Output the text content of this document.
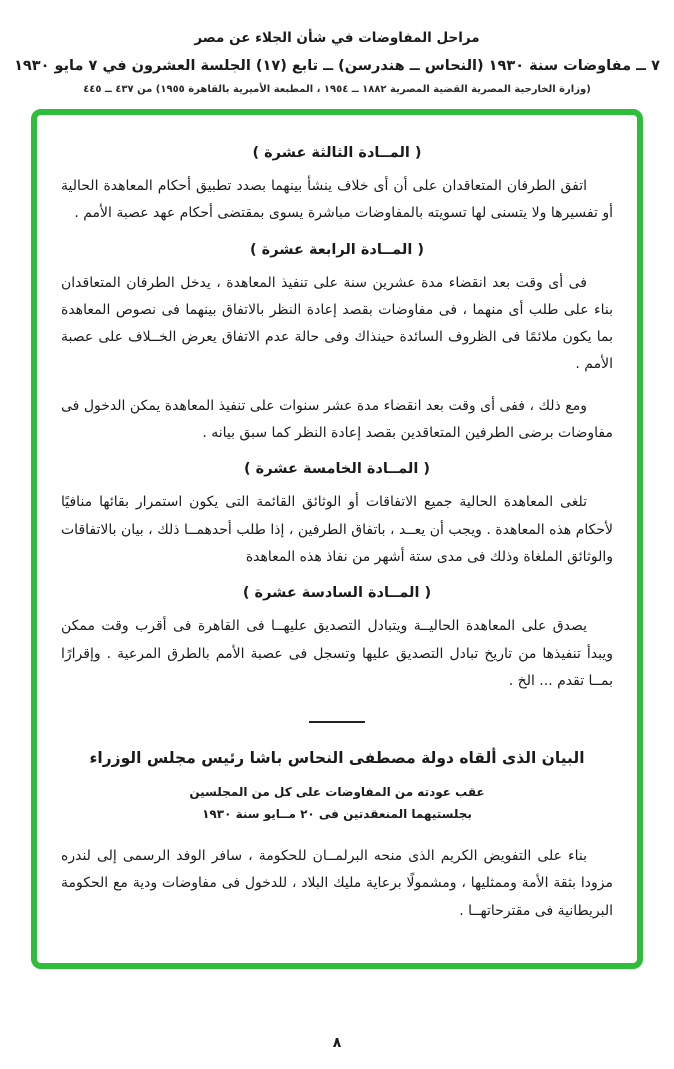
مراحل المفاوضات في شأن الجلاء عن مصر
٧ ــ مفاوضات سنة ١٩٣٠ (النحاس ــ هندرسن) ــ تابع (١٧) الجلسة العشرون في ٧ مايو ١٩٣٠
(وزارة الخارجية المصرية القضية المصرية ١٨٨٢ ــ ١٩٥٤ ، المطبعة الأميرية بالقاهرة ١٩٥٥) من ٤٣٧ ــ ٤٤٥
( المــادة الثالثة عشرة )

اتفق الطرفان المتعاقدان على أن أى خلاف ينشأ بينهما بصدد تطبيق أحكام المعاهدة الحالية أو تفسيرها ولا يتسنى لها تسويته بالمفاوضات مباشرة يسوى بمقتضى أحكام عهد عصبة الأمم .

( المــادة الرابعة عشرة )

فى أى وقت بعد انقضاء مدة عشرين سنة على تنفيذ المعاهدة ، يدخل الطرفان المتعاقدان بناء على طلب أى منهما ، فى مفاوضات بقصد إعادة النظر بالاتفاق بينهما فى نصوص المعاهدة بما يكون ملائمًا فى الظروف السائدة حينذاك وفى حالة عدم الاتفاق يعرض الخــلاف على عصبة الأمم .

ومع ذلك ، ففى أى وقت بعد انقضاء مدة عشر سنوات على تنفيذ المعاهدة يمكن الدخول فى مفاوضات برضى الطرفين المتعاقدين بقصد إعادة النظر كما سبق بيانه .

( المــادة الخامسة عشرة )

تلغى المعاهدة الحالية جميع الاتفاقات أو الوثائق القائمة التى يكون استمرار بقائها منافيًا لأحكام هذه المعاهدة . ويجب أن يعــد ، باتفاق الطرفين ، إذا طلب أحدهمــا ذلك ، بيان بالاتفاقات والوثائق الملغاة وذلك فى مدى ستة أشهر من نفاذ هذه المعاهدة

( المــادة السادسة عشرة )

يصدق على المعاهدة الحاليــة ويتبادل التصديق عليهــا فى القاهرة فى أقرب وقت ممكن ويبدأ تنفيذها من تاريخ تبادل التصديق عليها وتسجل فى عصبة الأمم بالطرق المرعية . وإقرارًا بمــا تقدم ... الخ .

البيان الذى ألقاه دولة مصطفى النحاس باشا رئيس مجلس الوزراء
عقب عودته من المفاوضات على كل من المجلسين
بجلستيهما المنعقدتين فى ٢٠ مــايو سنة ١٩٣٠

بناء على التفويض الكريم الذى منحه البرلمــان للحكومة ، سافر الوفد الرسمى إلى لندره مزودا بثقة الأمة وممثليها ، ومشمولًا برعاية مليك البلاد ، للدخول فى مفاوضات ودية مع الحكومة البريطانية فى مقترحاتهــا .

٨
